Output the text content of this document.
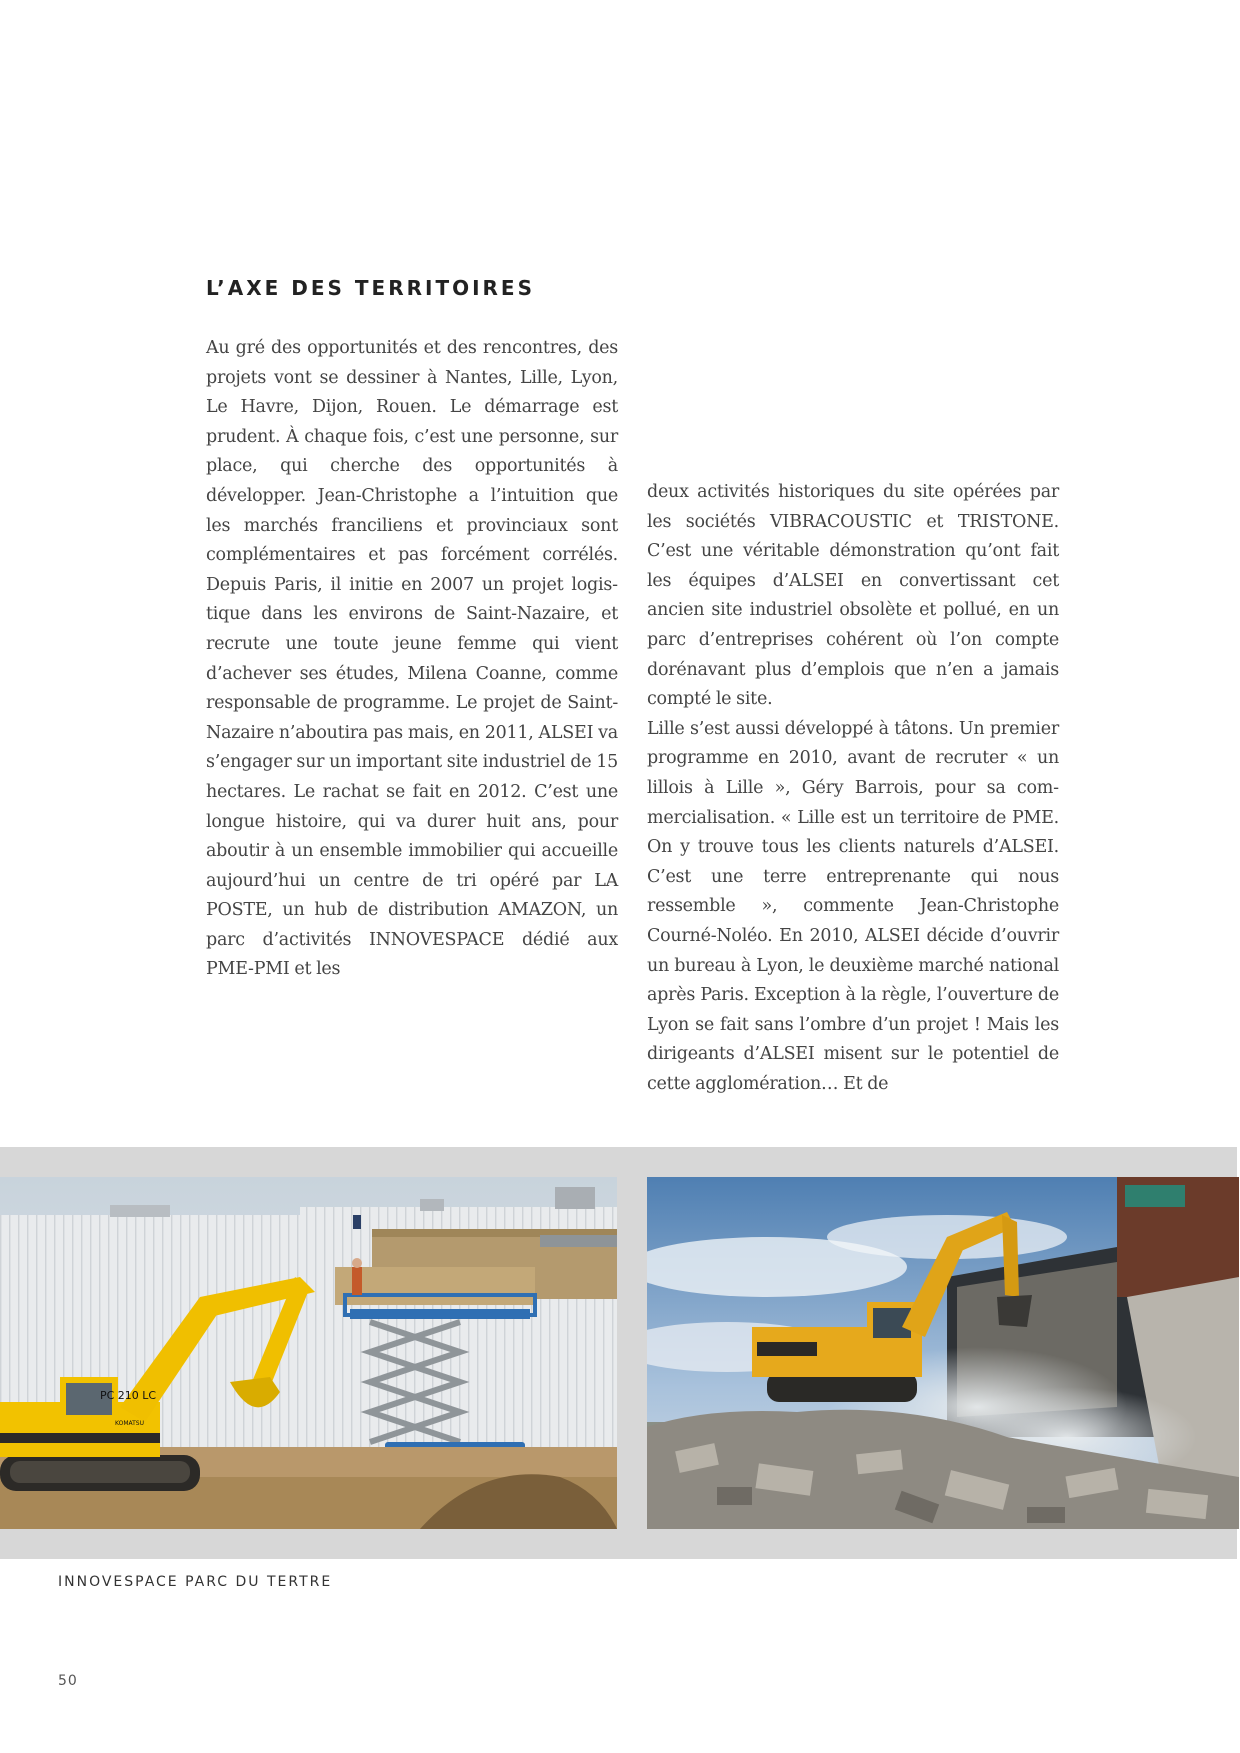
L’AXE DES TERRITOIRES

Au gré des opportunités et des rencontres, des projets vont se dessiner à Nantes, Lille, Lyon, Le Havre, Dijon, Rouen. Le démarrage est prudent. À chaque fois, c’est une personne, sur place, qui cherche des opportunités à développer. Jean-Christophe a l’intuition que les marchés franciliens et provinciaux sont complémentaires et pas forcément corrélés. Depuis Paris, il initie en 2007 un projet logistique dans les environs de Saint-Nazaire, et recrute une toute jeune femme qui vient d’achever ses études, Milena Coanne, comme responsable de programme. Le projet de Saint-Nazaire n’aboutira pas mais, en 2011, ALSEI va s’engager sur un important site industriel de 15 hectares. Le rachat se fait en 2012. C’est une longue histoire, qui va durer huit ans, pour aboutir à un ensemble immobilier qui accueille aujourd’hui un centre de tri opéré par LA POSTE, un hub de distribution AMAZON, un parc d’activités INNOVESPACE dédié aux PME-PMI et les

deux activités historiques du site opérées par les sociétés VIBRACOUSTIC et TRISTONE. C’est une véritable démonstration qu’ont fait les équipes d’ALSEI en convertissant cet ancien site industriel obsolète et pollué, en un parc d’entreprises cohérent où l’on compte dorénavant plus d’emplois que n’en a jamais compté le site.

Lille s’est aussi développé à tâtons. Un premier programme en 2010, avant de recruter « un lillois à Lille », Géry Barrois, pour sa commercialisation. « Lille est un territoire de PME. On y trouve tous les clients naturels d’ALSEI. C’est une terre entreprenante qui nous ressemble », commente Jean-Christophe Courné-Noléo. En 2010, ALSEI décide d’ouvrir un bureau à Lyon, le deuxième marché national après Paris. Exception à la règle, l’ouverture de Lyon se fait sans l’ombre d’un projet ! Mais les dirigeants d’ALSEI misent sur le potentiel de cette agglomération… Et de

PC 210 LC
KOMATSU

INNOVESPACE PARC DU TERTRE

50
